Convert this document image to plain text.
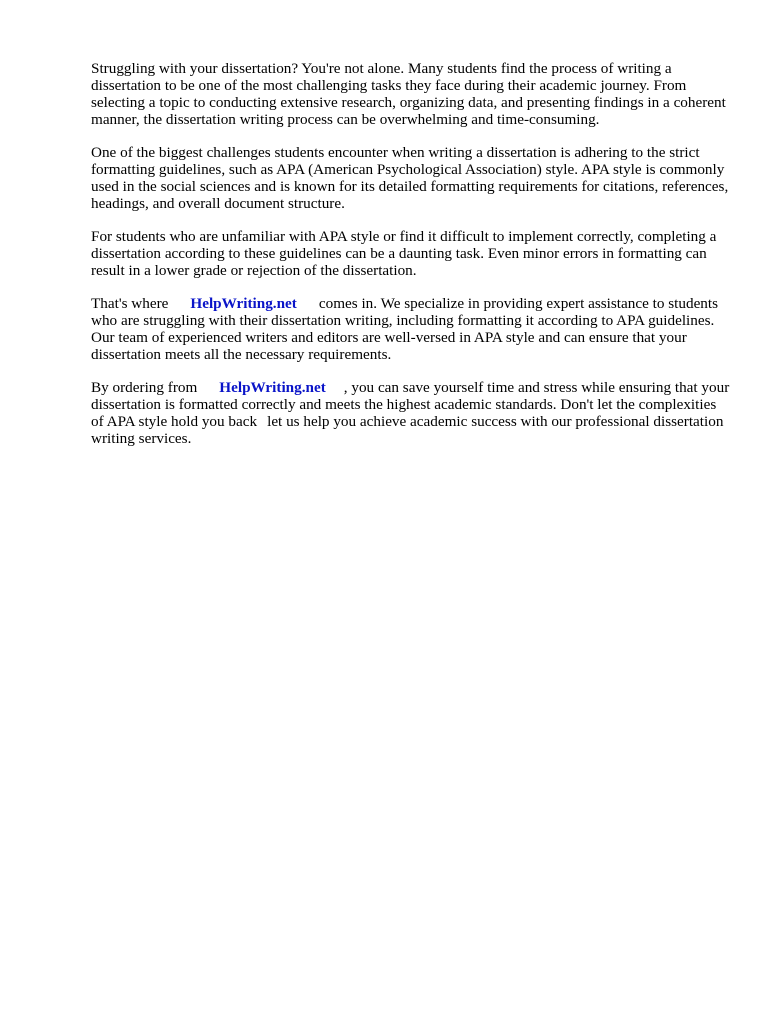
Struggling with your dissertation? You're not alone. Many students find the process of writing a dissertation to be one of the most challenging tasks they face during their academic journey. From selecting a topic to conducting extensive research, organizing data, and presenting findings in a coherent manner, the dissertation writing process can be overwhelming and time-consuming.

One of the biggest challenges students encounter when writing a dissertation is adhering to the strict formatting guidelines, such as APA (American Psychological Association) style. APA style is commonly used in the social sciences and is known for its detailed formatting requirements for citations, references, headings, and overall document structure.

For students who are unfamiliar with APA style or find it difficult to implement correctly, completing a dissertation according to these guidelines can be a daunting task. Even minor errors in formatting can result in a lower grade or rejection of the dissertation.

That's where HelpWriting.net comes in. We specialize in providing expert assistance to students who are struggling with their dissertation writing, including formatting it according to APA guidelines. Our team of experienced writers and editors are well-versed in APA style and can ensure that your dissertation meets all the necessary requirements.

By ordering from HelpWriting.net , you can save yourself time and stress while ensuring that your dissertation is formatted correctly and meets the highest academic standards. Don't let the complexities of APA style hold you back let us help you achieve academic success with our professional dissertation writing services.
